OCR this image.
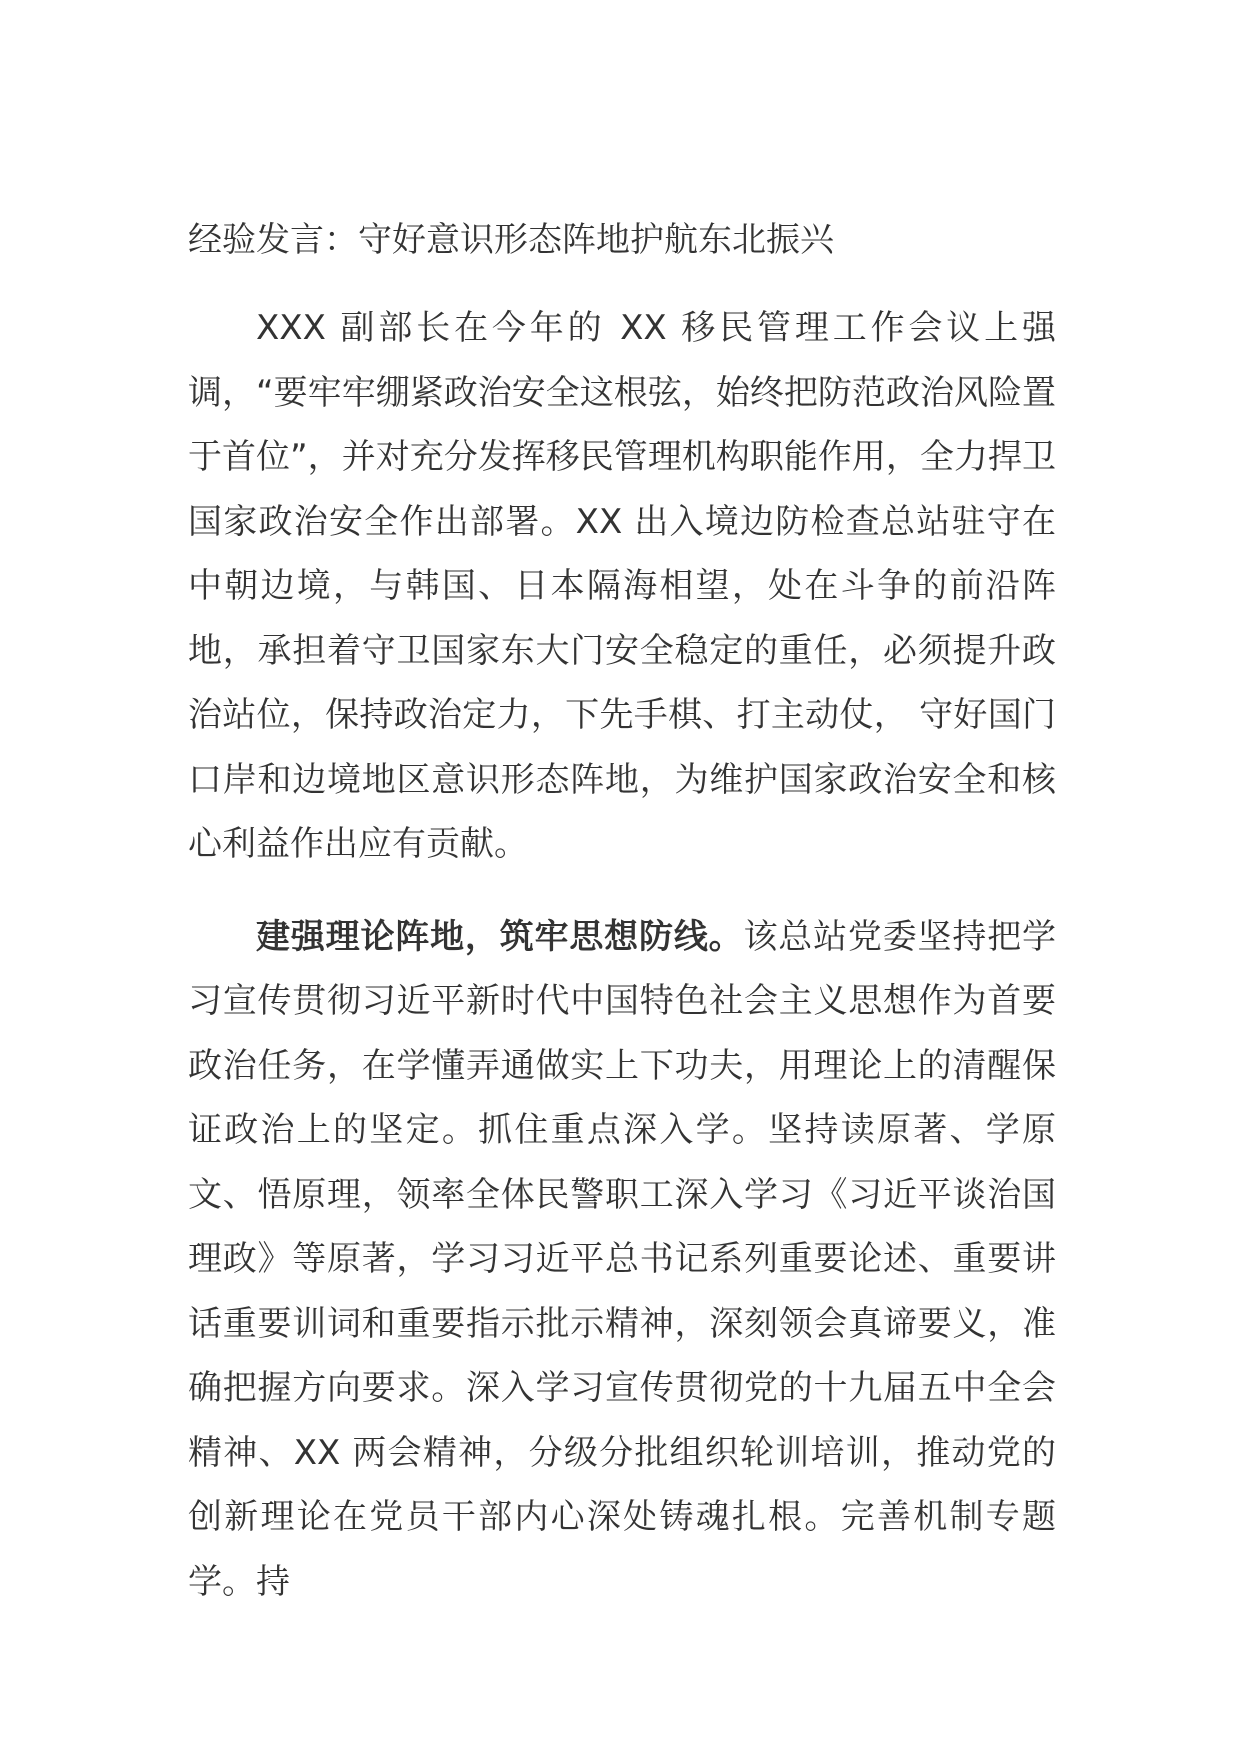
经验发言：守好意识形态阵地护航东北振兴

XXX 副部长在今年的 XX 移民管理工作会议上强调，“要牢牢绷紧政治安全这根弦，始终把防范政治风险置于首位”，并对充分发挥移民管理机构职能作用，全力捍卫国家政治安全作出部署。XX 出入境边防检查总站驻守在中朝边境，与韩国、日本隔海相望，处在斗争的前沿阵地，承担着守卫国家东大门安全稳定的重任，必须提升政治站位，保持政治定力，下先手棋、打主动仗， 守好国门口岸和边境地区意识形态阵地，为维护国家政治安全和核心利益作出应有贡献。

建强理论阵地，筑牢思想防线。该总站党委坚持把学习宣传贯彻习近平新时代中国特色社会主义思想作为首要政治任务，在学懂弄通做实上下功夫，用理论上的清醒保证政治上的坚定。抓住重点深入学。坚持读原著、学原文、悟原理，领率全体民警职工深入学习《习近平谈治国理政》等原著，学习习近平总书记系列重要论述、重要讲话重要训词和重要指示批示精神，深刻领会真谛要义，准确把握方向要求。深入学习宣传贯彻党的十九届五中全会精神、XX 两会精神，分级分批组织轮训培训，推动党的创新理论在党员干部内心深处铸魂扎根。完善机制专题学。持
